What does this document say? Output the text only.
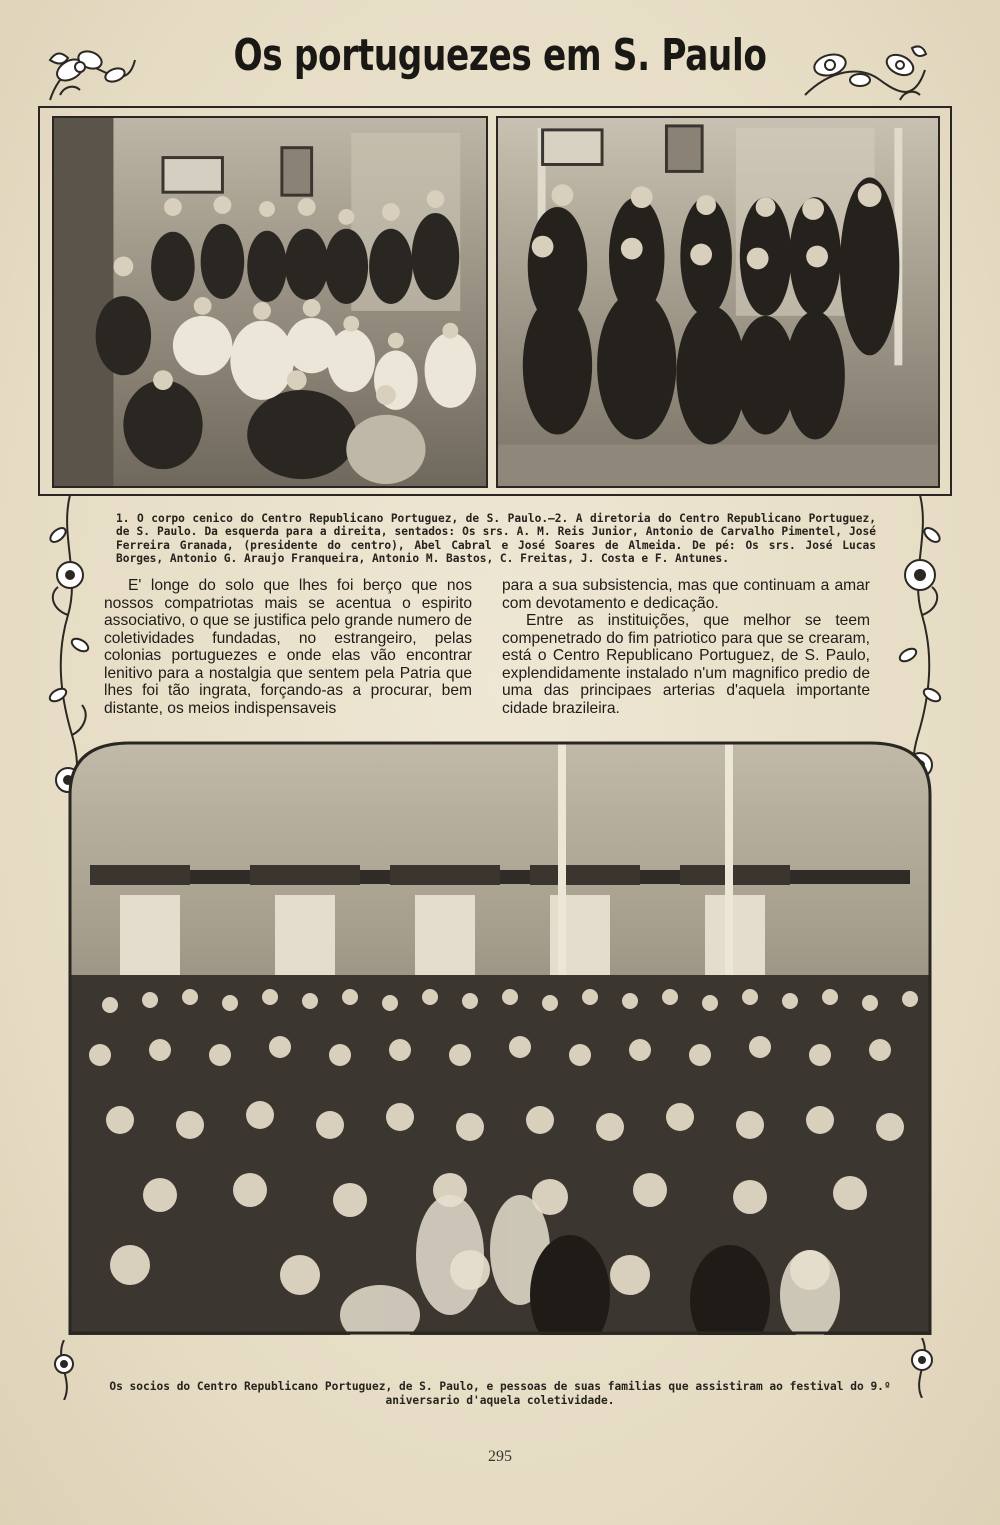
Os portuguezes em S. Paulo
1. O corpo cenico do Centro Republicano Portuguez, de S. Paulo.—2. A diretoria do Centro Republicano Portuguez, de S. Paulo. Da esquerda para a direita, sentados: Os srs. A. M. Reis Junior, Antonio de Carvalho Pimentel, José Ferreira Granada, (presidente do centro), Abel Cabral e José Soares de Almeida. De pé: Os srs. José Lucas Borges, Antonio G. Araujo Franqueira, Antonio M. Bastos, C. Freitas, J. Costa e F. Antunes.

E' longe do solo que lhes foi berço que nos nossos compatriotas mais se acentua o espirito associativo, o que se justifica pelo grande numero de coletividades fundadas, no estrangeiro, pelas colonias portuguezes e onde elas vão encontrar lenitivo para a nostalgia que sentem pela Patria que lhes foi tão ingrata, forçando-as a procurar, bem distante, os meios indispensaveis

para a sua subsistencia, mas que continuam a amar com devotamento e dedicação.

Entre as instituições, que melhor se teem compenetrado do fim patriotico para que se crearam, está o Centro Republicano Portuguez, de S. Paulo, explendidamente instalado n'um magnifico predio de uma das principaes arterias d'aquela importante cidade brazileira.

Os socios do Centro Republicano Portuguez, de S. Paulo, e pessoas de suas familias que assistiram ao festival do 9.º aniversario d'aquela coletividade.
295
